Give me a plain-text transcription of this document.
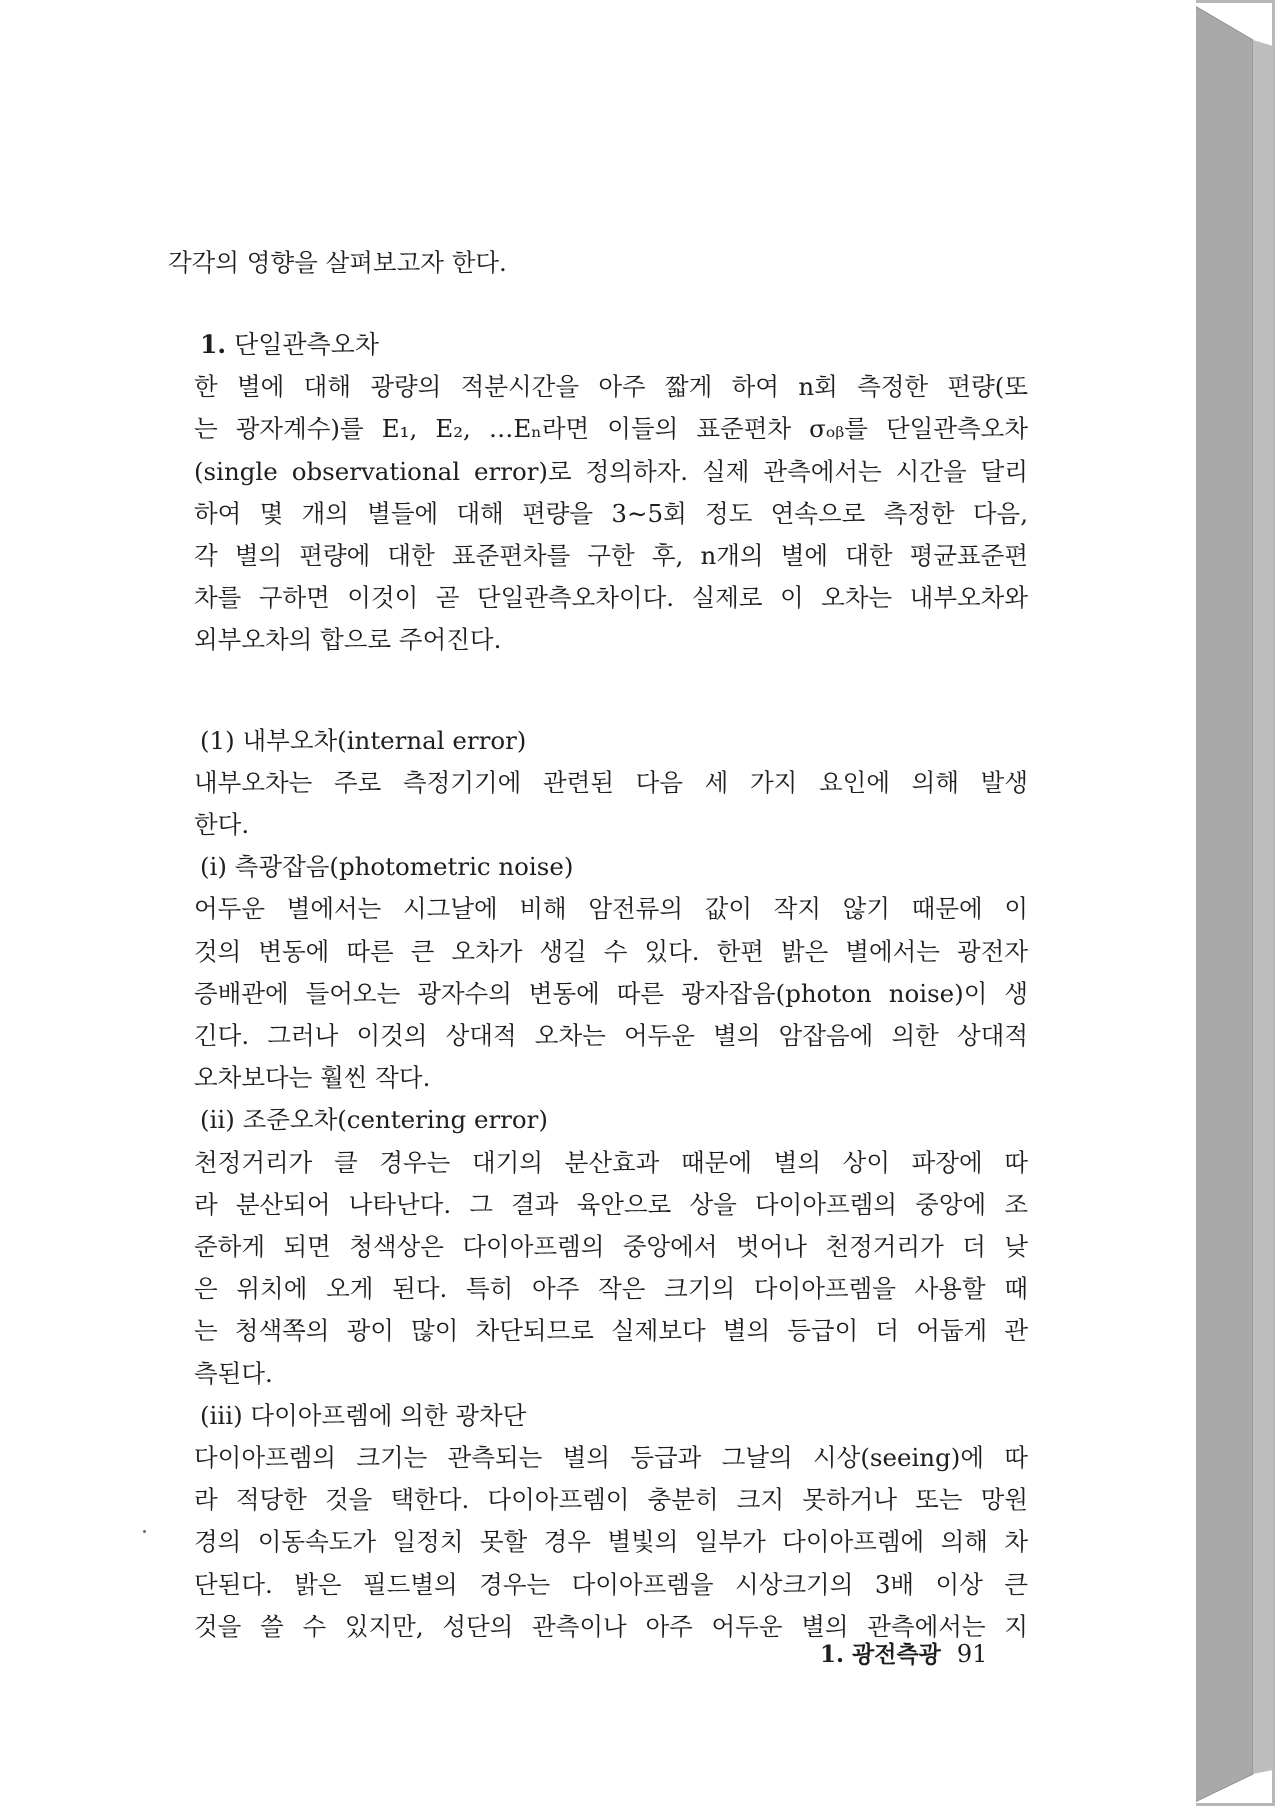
각각의 영향을 살펴보고자 한다.

1. 단일관측오차

한 별에 대해 광량의 적분시간을 아주 짧게 하여 n회 측정한 편량(또
는 광자계수)를 E₁, E₂, …Eₙ라면 이들의 표준편차 σₒᵦ를 단일관측오차
(single observational error)로 정의하자. 실제 관측에서는 시간을 달리
하여 몇 개의 별들에 대해 편량을 3∼5회 정도 연속으로 측정한 다음,
각 별의 편량에 대한 표준편차를 구한 후, n개의 별에 대한 평균표준편
차를 구하면 이것이 곧 단일관측오차이다. 실제로 이 오차는 내부오차와
외부오차의 합으로 주어진다.

(1) 내부오차(internal error)

내부오차는 주로 측정기기에 관련된 다음 세 가지 요인에 의해 발생
한다.

(i) 측광잡음(photometric noise)

어두운 별에서는 시그날에 비해 암전류의 값이 작지 않기 때문에 이
것의 변동에 따른 큰 오차가 생길 수 있다. 한편 밝은 별에서는 광전자
증배관에 들어오는 광자수의 변동에 따른 광자잡음(photon noise)이 생
긴다. 그러나 이것의 상대적 오차는 어두운 별의 암잡음에 의한 상대적
오차보다는 훨씬 작다.

(ii) 조준오차(centering error)

천정거리가 클 경우는 대기의 분산효과 때문에 별의 상이 파장에 따
라 분산되어 나타난다. 그 결과 육안으로 상을 다이아프렘의 중앙에 조
준하게 되면 청색상은 다이아프렘의 중앙에서 벗어나 천정거리가 더 낮
은 위치에 오게 된다. 특히 아주 작은 크기의 다이아프렘을 사용할 때
는 청색쪽의 광이 많이 차단되므로 실제보다 별의 등급이 더 어둡게 관
측된다.

(iii) 다이아프렘에 의한 광차단

다이아프렘의 크기는 관측되는 별의 등급과 그날의 시상(seeing)에 따
라 적당한 것을 택한다. 다이아프렘이 충분히 크지 못하거나 또는 망원
경의 이동속도가 일정치 못할 경우 별빛의 일부가 다이아프렘에 의해 차
단된다. 밝은 필드별의 경우는 다이아프렘을 시상크기의 3배 이상 큰
것을 쓸 수 있지만, 성단의 관측이나 아주 어두운 별의 관측에서는 지

1. 광전측광 91
